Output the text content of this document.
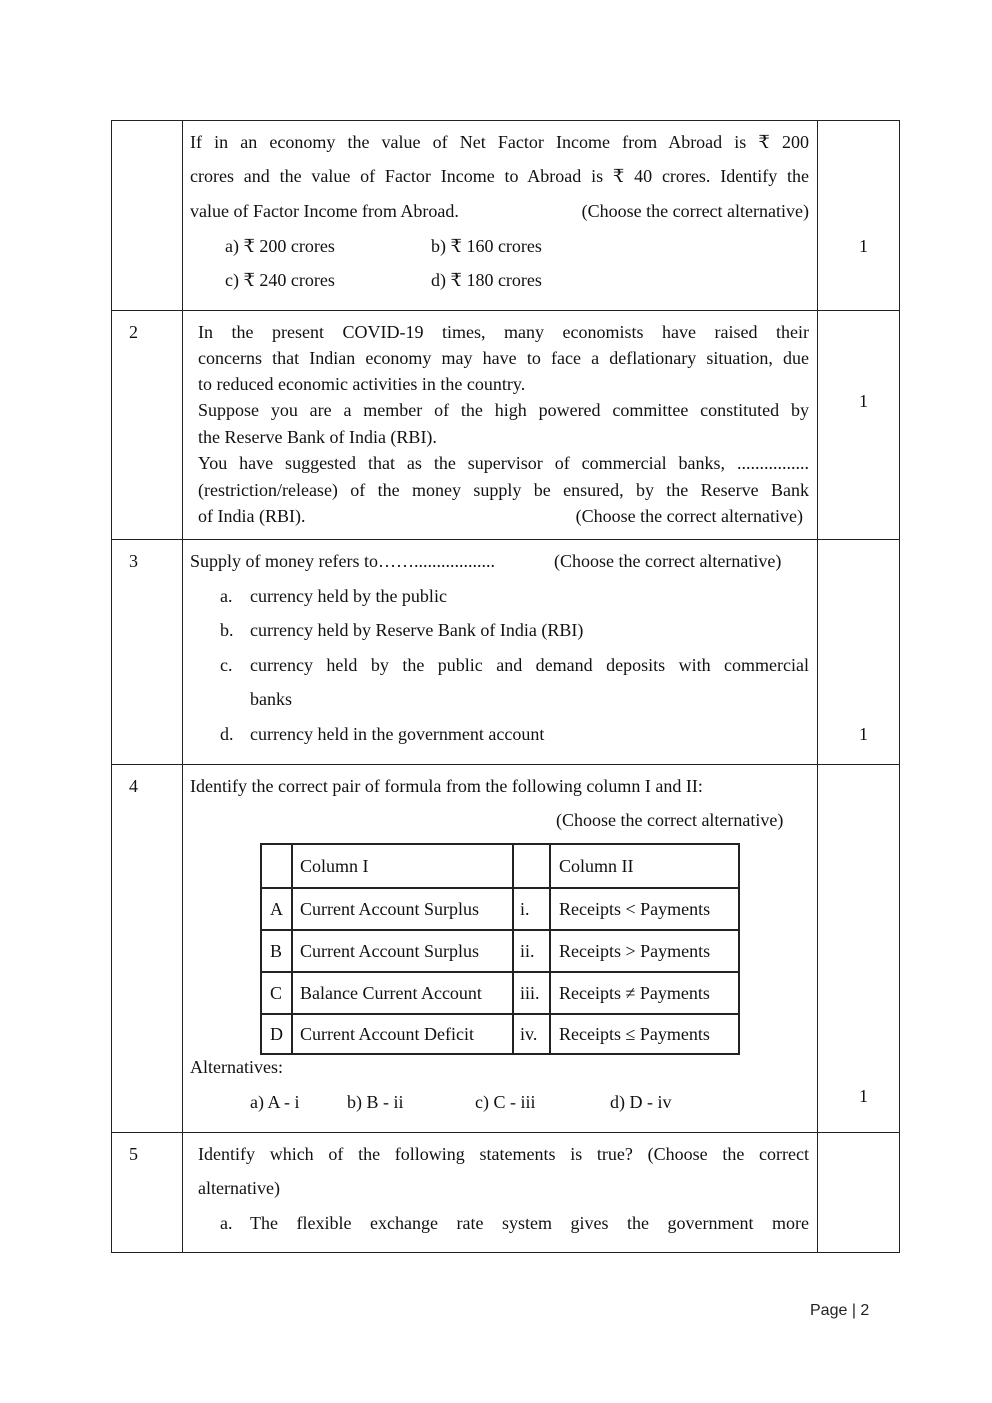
If in an economy the value of Net Factor Income from Abroad is ₹ 200
crores and the value of Factor Income to Abroad is ₹ 40 crores. Identify the
value of Factor Income from Abroad.	(Choose the correct alternative)
a) ₹ 200 crores	b) ₹ 160 crores
c) ₹ 240 crores	d) ₹ 180 crores
1
2	In the present COVID-19 times, many economists have raised their
concerns that Indian economy may have to face a deflationary situation, due
to reduced economic activities in the country.
Suppose you are a member of the high powered committee constituted by
the Reserve Bank of India (RBI).
You have suggested that as the supervisor of commercial banks, ................
(restriction/release) of the money supply be ensured, by the Reserve Bank
of India (RBI).	(Choose the correct alternative)
1
3	Supply of money refers to……..................	(Choose the correct alternative)
a. currency held by the public
b. currency held by Reserve Bank of India (RBI)
c. currency held by the public and demand deposits with commercial
banks
d. currency held in the government account	1
4	Identify the correct pair of formula from the following column I and II:
(Choose the correct alternative)
Column I	Column II
A Current Account Surplus i. Receipts < Payments
B Current Account Surplus ii. Receipts > Payments
C Balance Current Account iii. Receipts ≠ Payments
D Current Account Deficit	iv. Receipts ≤ Payments
Alternatives:
a) A - i	b) B - ii	c) C - iii	d) D - iv	1
5	Identify which of the following statements is true? (Choose the correct
alternative)
a. The flexible exchange rate system gives the government more
Page | 2
